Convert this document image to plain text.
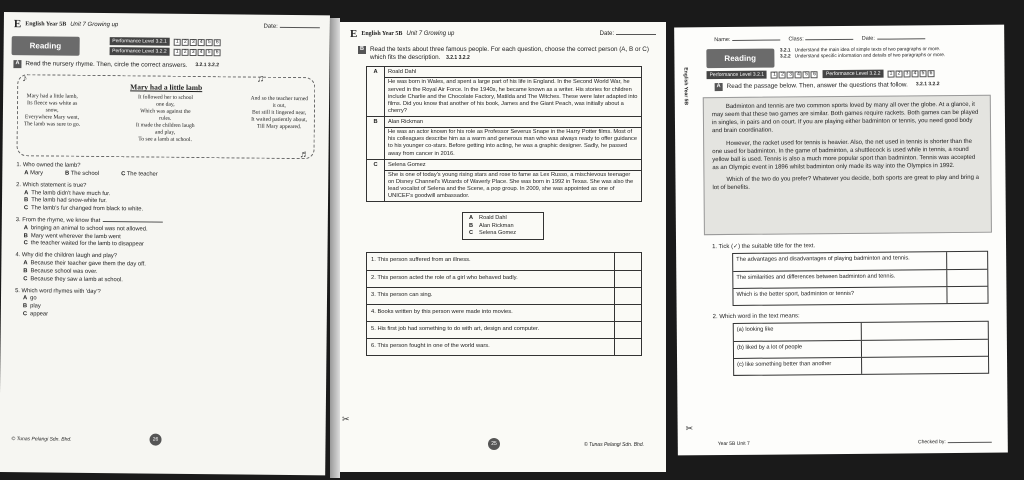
E English Year 5B Unit 7 Growing up	Date:
Reading	Performance Level 3.2.1	1	2	3	4	5	6
Performance Level 3.2.2	1	2	3	4	5	6
A Read the nursery rhyme. Then, circle the correct answers. 3.2.1 3.2.2
♪	♫
♬
Mary had a little lamb
Mary had a little lamb,
Its fleece was white as
snow,
Everywhere Mary went,
The lamb was sure to go.
It followed her to school
one day,
Which was against the
rules.
It made the children laugh
and play,
To see a lamb at school.
And so the teacher turned
it out,
But still it lingered near,
It waited patiently about,
Till Mary appeared.
1. Who owned the lamb?
A Mary	B The school	C The teacher
2. Which statement is true?
A The lamb didn't have much fur.
B The lamb had snow-white fur.
C The lamb's fur changed from black to white.
3. From the rhyme, we know that
A bringing an animal to school was not allowed.
B Mary went wherever the lamb went
C the teacher waited for the lamb to disappear
4. Why did the children laugh and play?
A Because their teacher gave them the day off.
B Because school was over.
C Because they saw a lamb at school.
5. Which word rhymes with 'day'?
A go
B play
C appear
© Tunas Pelangi Sdn. Bhd.	26
E English Year 5B Unit 7 Growing up	Date:
B Read the texts about three famous people. For each question, choose the correct person (A, B or C) which fits the description. 3.2.1 3.2.2
A	Roald Dahl
He was born in Wales, and spent a large part of his life in England. In the Second World War, he served in the Royal Air Force. In the 1940s, he became known as a writer. His stories for children include Charlie and the Chocolate Factory, Matilda and The Witches. These were later adapted into films. Did you know that another of his book, James and the Giant Peach, was initially about a cherry?
B	Alan Rickman
He was an actor known for his role as Professor Severus Snape in the Harry Potter films. Most of his colleagues describe him as a warm and generous man who was always ready to offer guidance to his younger co-stars. Before getting into acting, he was a graphic designer. Sadly, he passed away from cancer in 2016.
C	Selena Gomez
She is one of today's young rising stars and rose to fame as Lex Russo, a mischievous teenager on Disney Channel's Wizards of Waverly Place. She was born in 1992 in Texas. She was also the lead vocalist of Selena and the Scene, a pop group. In 2009, she was appointed as one of UNICEF's goodwill ambassador.
A Roald Dahl
B Alan Rickman
C Selena Gomez
1. This person suffered from an illness.
2. This person acted the role of a girl who behaved badly.
3. This person can sing.
4. Books written by this person were made into movies.
5. His first job had something to do with art, design and computer.
6. This person fought in one of the world wars.
✂
25	© Tunas Pelangi Sdn. Bhd.
English Year 5B
Name:	Class:	Date:
Reading
3.2.1 Understand the main idea of simple texts of two paragraphs or more.
3.2.2 Understand specific information and details of two paragraphs or more.
Performance Level 3.2.1	1	2	3	4	5	6	Performance Level 3.2.2	1	2	3	4	5	6
A Read the passage below. Then, answer the questions that follow. 3.2.1 3.2.2

Badminton and tennis are two common sports loved by many all over the globe. At a glance, it may seem that these two games are similar. Both games require rackets. Both games can be played in singles, in pairs and on court. If you are playing either badminton or tennis, you need good body and brain coordination.

However, the racket used for tennis is heavier. Also, the net used in tennis is shorter than the one used for badminton. In the game of badminton, a shuttlecock is used while in tennis, a round yellow ball is used. Tennis is also a much more popular sport than badminton. Tennis was accepted as an Olympic event in 1896 whilst badminton only made its way into the Olympics in 1992.

Which of the two do you prefer? Whatever you decide, both sports are great to play and bring a lot of benefits.

1. Tick (✓) the suitable title for the text.
The advantages and disadvantages of playing badminton and tennis.
The similarities and differences between badminton and tennis.
Which is the better sport, badminton or tennis?
2. Which word in the text means:
(a) looking like
(b) liked by a lot of people
(c) like something better than another
✂
Year 5B Unit 7	Checked by:
